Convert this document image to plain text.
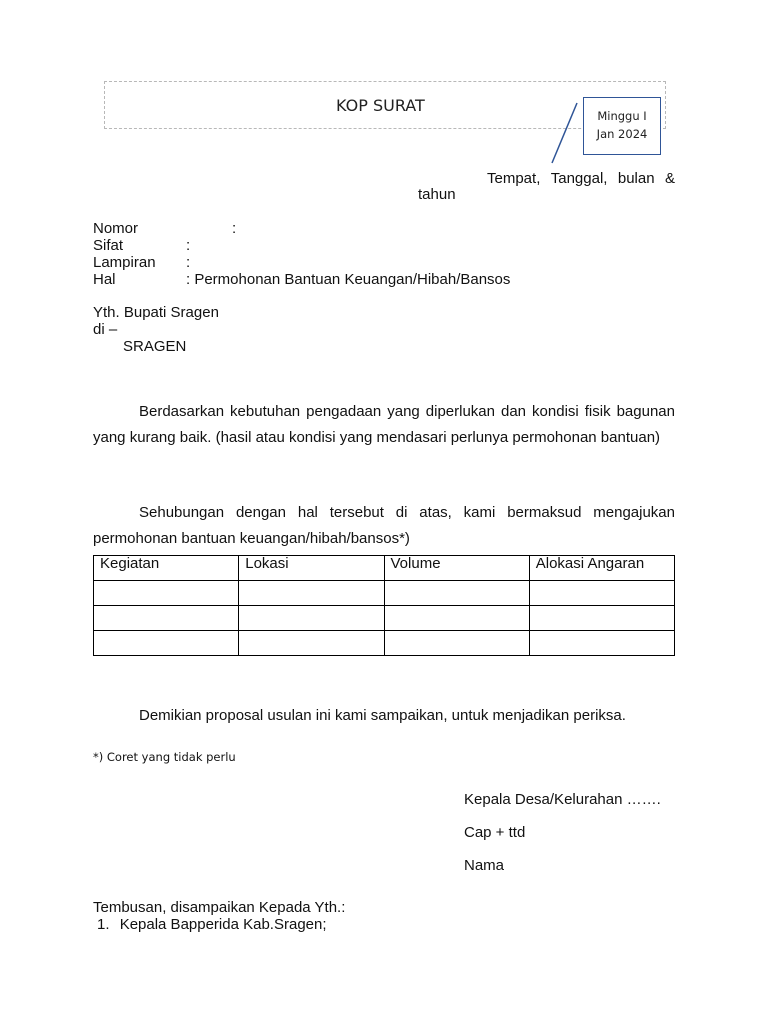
KOP SURAT
Minggu I
Jan 2024
Tempat, Tanggal, bulan &
tahun
Nomor	:
Sifat	:
Lampiran :
Hal	: Permohonan Bantuan Keuangan/Hibah/Bansos
Yth. Bupati Sragen
di –
SRAGEN
Berdasarkan kebutuhan pengadaan yang diperlukan dan kondisi fisik bagunan yang kurang baik. (hasil atau kondisi yang mendasari perlunya permohonan bantuan)
Sehubungan dengan hal tersebut di atas, kami bermaksud mengajukan permohonan bantuan keuangan/hibah/bansos*)
Kegiatan	Lokasi	Volume	Alokasi Angaran

Demikian proposal usulan ini kami sampaikan, untuk menjadikan periksa.
*) Coret yang tidak perlu
Kepala Desa/Kelurahan …….
Cap + ttd
Nama
Tembusan, disampaikan Kepada Yth.:
1. Kepala Bapperida Kab.Sragen;
